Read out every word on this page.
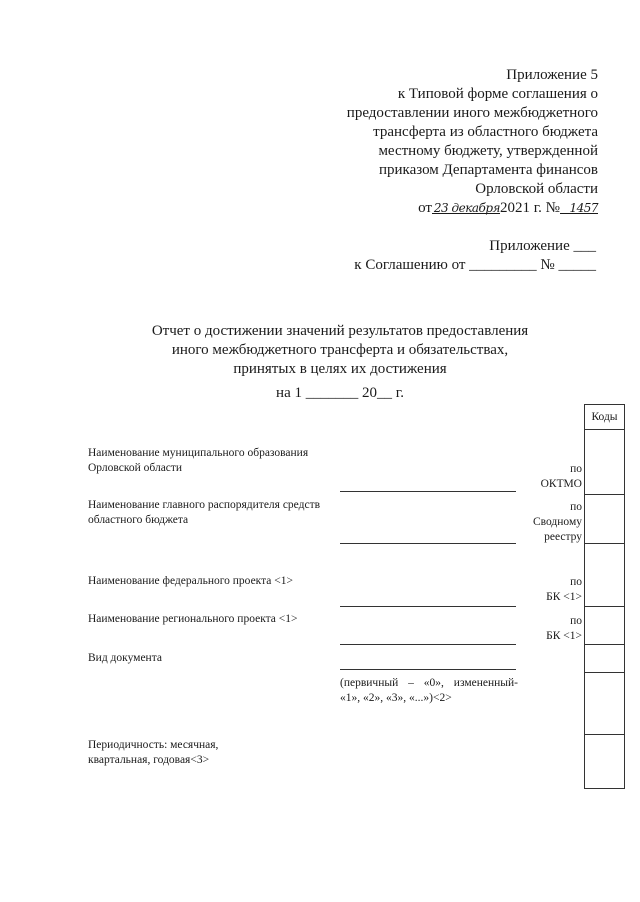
Приложение 5
к Типовой форме соглашения о
предоставлении иного межбюджетного
трансферта из областного бюджета
местному бюджету, утвержденной
приказом Департамента финансов
Орловской области
от 23 декабря2021 г. № 1457
Приложение ___
к Соглашению от _________ № _____
Отчет о достижении значений результатов предоставления
иного межбюджетного трансферта и обязательствах,
принятых в целях их достижения
на 1 _______ 20__ г.
Коды
по
ОКТМО
по
Сводному
реестру
по
БК <1>
по
БК <1>
Наименование муниципального образования Орловской области
Наименование главного распорядителя средств областного бюджета
Наименование федерального проекта <1>
Наименование регионального проекта <1>
Вид документа
Периодичность: месячная, квартальная, годовая<3>
(первичный – «0», измененный- «1», «2», «3», «...»)<2>
